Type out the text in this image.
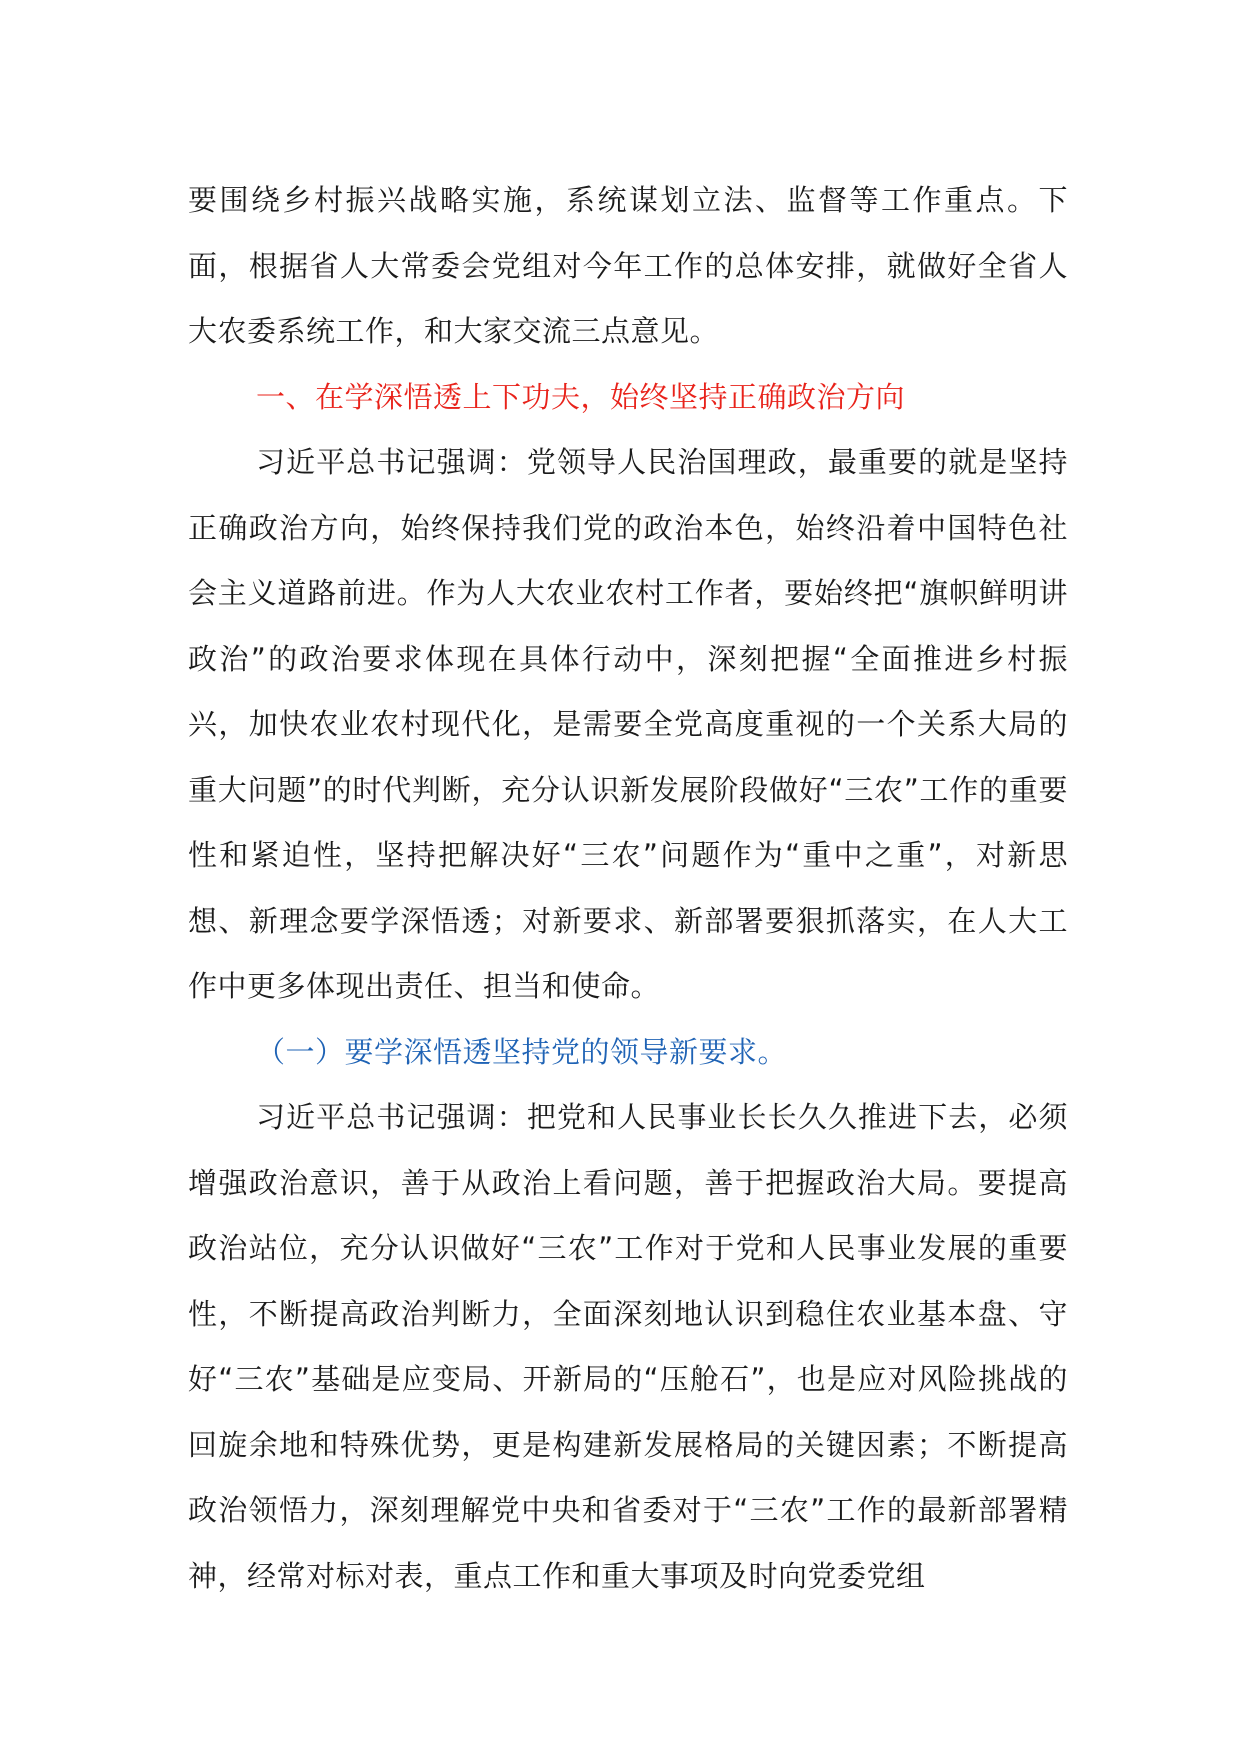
要围绕乡村振兴战略实施，系统谋划立法、监督等工作重点。下面，根据省人大常委会党组对今年工作的总体安排，就做好全省人大农委系统工作，和大家交流三点意见。

一、在学深悟透上下功夫，始终坚持正确政治方向

习近平总书记强调：党领导人民治国理政，最重要的就是坚持正确政治方向，始终保持我们党的政治本色，始终沿着中国特色社会主义道路前进。作为人大农业农村工作者，要始终把“旗帜鲜明讲政治”的政治要求体现在具体行动中，深刻把握“全面推进乡村振兴，加快农业农村现代化，是需要全党高度重视的一个关系大局的重大问题”的时代判断，充分认识新发展阶段做好“三农”工作的重要性和紧迫性，坚持把解决好“三农”问题作为“重中之重”，对新思想、新理念要学深悟透；对新要求、新部署要狠抓落实，在人大工作中更多体现出责任、担当和使命。

（一）要学深悟透坚持党的领导新要求。

习近平总书记强调：把党和人民事业长长久久推进下去，必须增强政治意识，善于从政治上看问题，善于把握政治大局。要提高政治站位，充分认识做好“三农”工作对于党和人民事业发展的重要性，不断提高政治判断力，全面深刻地认识到稳住农业基本盘、守好“三农”基础是应变局、开新局的“压舱石”，也是应对风险挑战的回旋余地和特殊优势，更是构建新发展格局的关键因素；不断提高政治领悟力，深刻理解党中央和省委对于“三农”工作的最新部署精神，经常对标对表，重点工作和重大事项及时向党委党组
